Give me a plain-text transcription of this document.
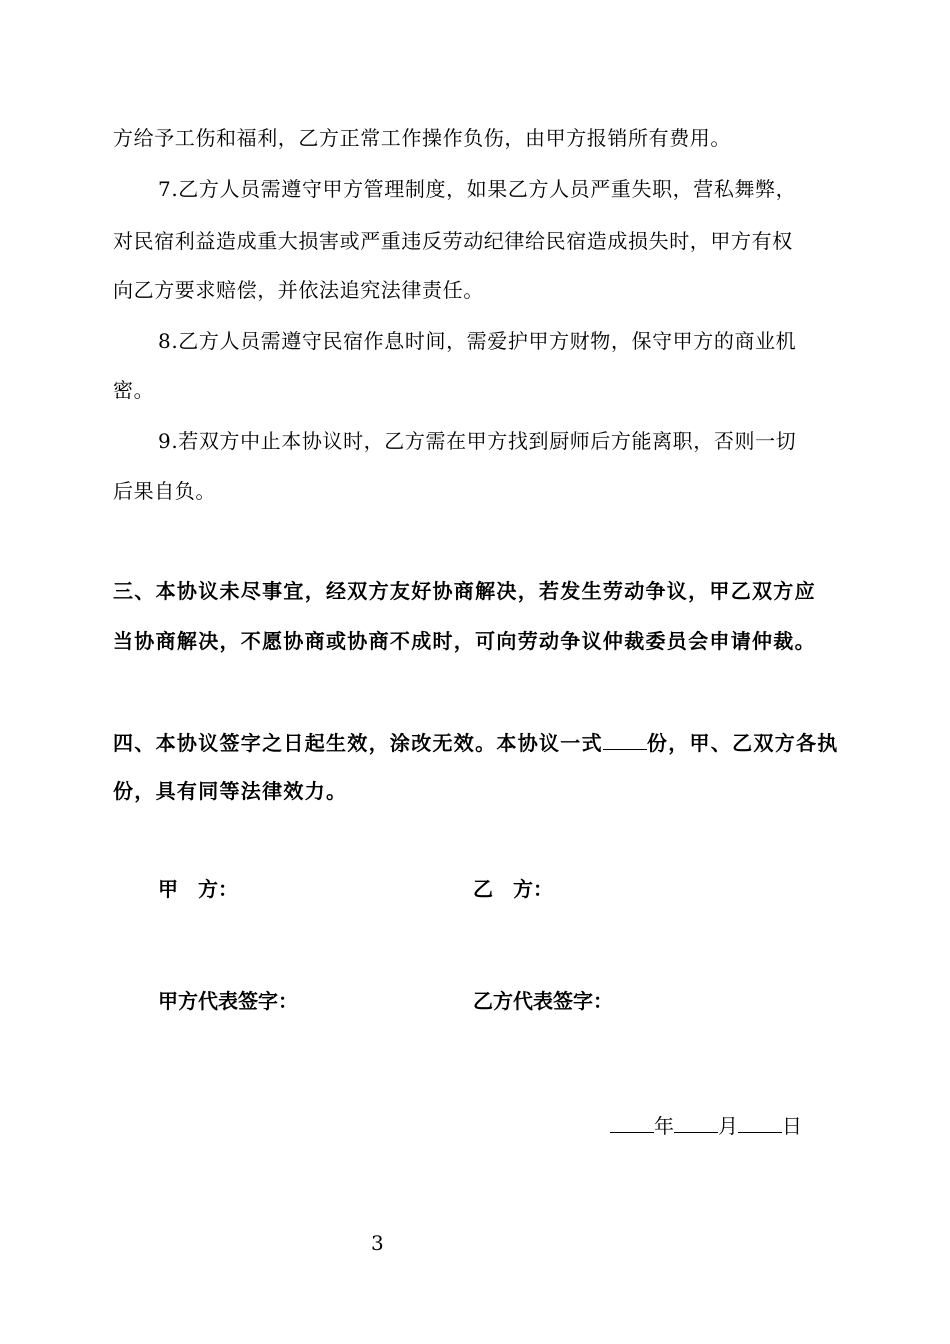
方给予工伤和福利，乙方正常工作操作负伤，由甲方报销所有费用。
7.乙方人员需遵守甲方管理制度，如果乙方人员严重失职，营私舞弊，
对民宿利益造成重大损害或严重违反劳动纪律给民宿造成损失时，甲方有权
向乙方要求赔偿，并依法追究法律责任。
8.乙方人员需遵守民宿作息时间，需爱护甲方财物，保守甲方的商业机
密。
9.若双方中止本协议时，乙方需在甲方找到厨师后方能离职，否则一切
后果自负。
三、本协议未尽事宜，经双方友好协商解决，若发生劳动争议，甲乙双方应
当协商解决，不愿协商或协商不成时，可向劳动争议仲裁委员会申请仲裁。
四、本协议签字之日起生效，涂改无效。本协议一式 份，甲、乙双方各执
份，具有同等法律效力。
甲　方：	乙　方：
甲方代表签字：	乙方代表签字：
年 月 日
3
